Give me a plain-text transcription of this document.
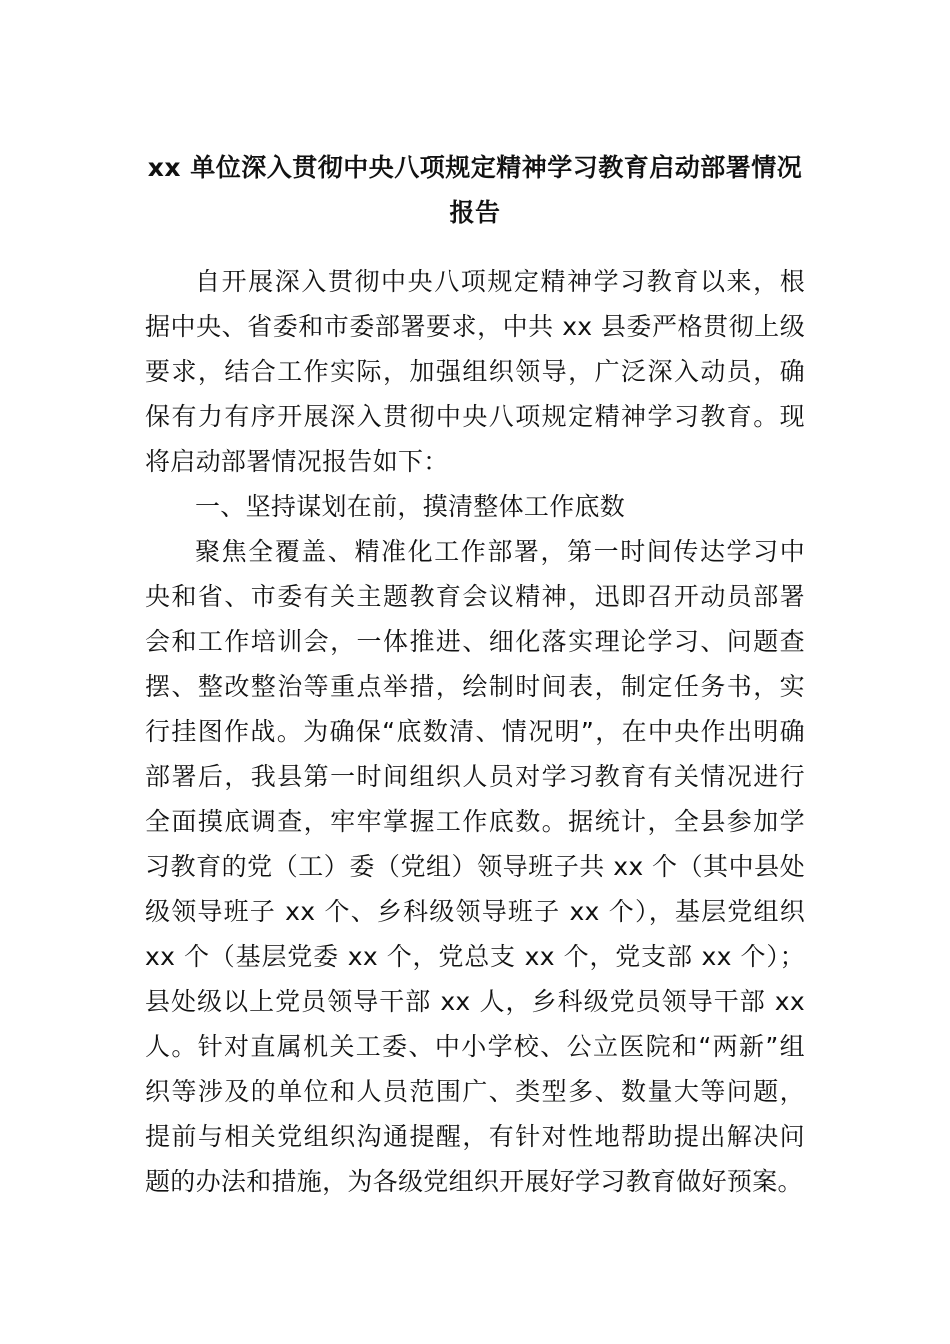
xx 单位深入贯彻中央八项规定精神学习教育启动部署情况
报告
自开展深入贯彻中央八项规定精神学习教育以来，根
据中央、省委和市委部署要求，中共 xx 县委严格贯彻上级
要求，结合工作实际，加强组织领导，广泛深入动员，确
保有力有序开展深入贯彻中央八项规定精神学习教育。现
将启动部署情况报告如下：
一、坚持谋划在前，摸清整体工作底数
聚焦全覆盖、精准化工作部署，第一时间传达学习中
央和省、市委有关主题教育会议精神，迅即召开动员部署
会和工作培训会，一体推进、细化落实理论学习、问题查
摆、整改整治等重点举措，绘制时间表，制定任务书，实
行挂图作战。为确保“底数清、情况明”，在中央作出明确
部署后，我县第一时间组织人员对学习教育有关情况进行
全面摸底调查，牢牢掌握工作底数。据统计，全县参加学
习教育的党（工）委（党组）领导班子共 xx 个（其中县处
级领导班子 xx 个、乡科级领导班子 xx 个），基层党组织
xx 个（基层党委 xx 个，党总支 xx 个，党支部 xx 个）；
县处级以上党员领导干部 xx 人，乡科级党员领导干部 xx
人。针对直属机关工委、中小学校、公立医院和“两新”组
织等涉及的单位和人员范围广、类型多、数量大等问题，
提前与相关党组织沟通提醒，有针对性地帮助提出解决问
题的办法和措施，为各级党组织开展好学习教育做好预案。
